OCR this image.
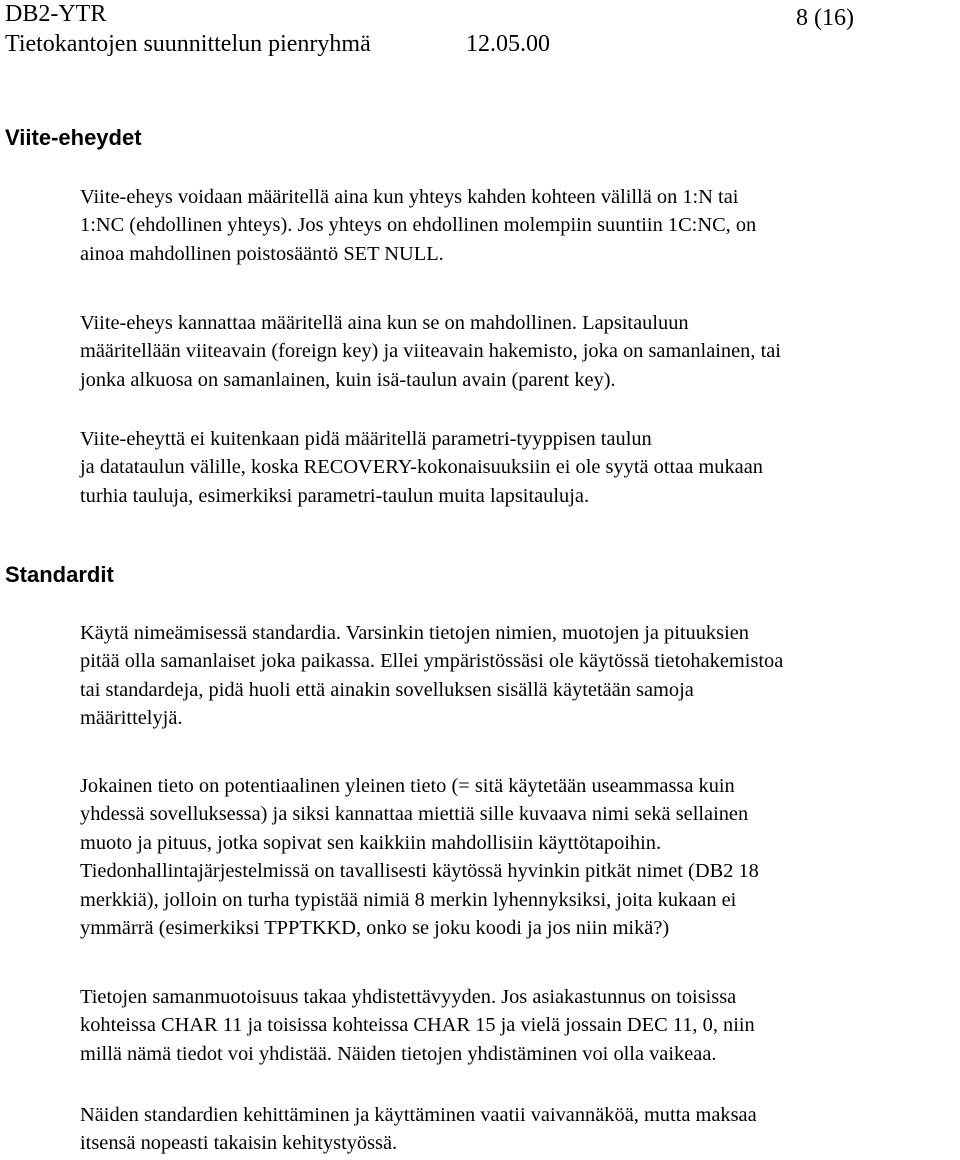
DB2-YTR	8 (16)
Tietokantojen suunnittelun pienryhmä	12.05.00
Viite-eheydet
Viite-eheys voidaan määritellä aina kun yhteys kahden kohteen välillä on 1:N tai
1:NC (ehdollinen yhteys). Jos yhteys on ehdollinen molempiin suuntiin 1C:NC, on
ainoa mahdollinen poistosääntö SET NULL.
Viite-eheys kannattaa määritellä aina kun se on mahdollinen. Lapsitauluun
määritellään viiteavain (foreign key) ja viiteavain hakemisto, joka on samanlainen, tai
jonka alkuosa on samanlainen, kuin isä-taulun avain (parent key).
Viite-eheyttä ei kuitenkaan pidä määritellä parametri-tyyppisen taulun
ja datataulun välille, koska RECOVERY-kokonaisuuksiin ei ole syytä ottaa mukaan
turhia tauluja, esimerkiksi parametri-taulun muita lapsitauluja.
Standardit
Käytä nimeämisessä standardia. Varsinkin tietojen nimien, muotojen ja pituuksien
pitää olla samanlaiset joka paikassa. Ellei ympäristössäsi ole käytössä tietohakemistoa
tai standardeja, pidä huoli että ainakin sovelluksen sisällä käytetään samoja
määrittelyjä.
Jokainen tieto on potentiaalinen yleinen tieto (= sitä käytetään useammassa kuin
yhdessä sovelluksessa) ja siksi kannattaa miettiä sille kuvaava nimi sekä sellainen
muoto ja pituus, jotka sopivat sen kaikkiin mahdollisiin käyttötapoihin.
Tiedonhallintajärjestelmissä on tavallisesti käytössä hyvinkin pitkät nimet (DB2 18
merkkiä), jolloin on turha typistää nimiä 8 merkin lyhennyksiksi, joita kukaan ei
ymmärrä (esimerkiksi TPPTKKD, onko se joku koodi ja jos niin mikä?)
Tietojen samanmuotoisuus takaa yhdistettävyyden. Jos asiakastunnus on toisissa
kohteissa CHAR 11 ja toisissa kohteissa CHAR 15 ja vielä jossain DEC 11, 0, niin
millä nämä tiedot voi yhdistää. Näiden tietojen yhdistäminen voi olla vaikeaa.
Näiden standardien kehittäminen ja käyttäminen vaatii vaivannäköä, mutta maksaa
itsensä nopeasti takaisin kehitystyössä.
